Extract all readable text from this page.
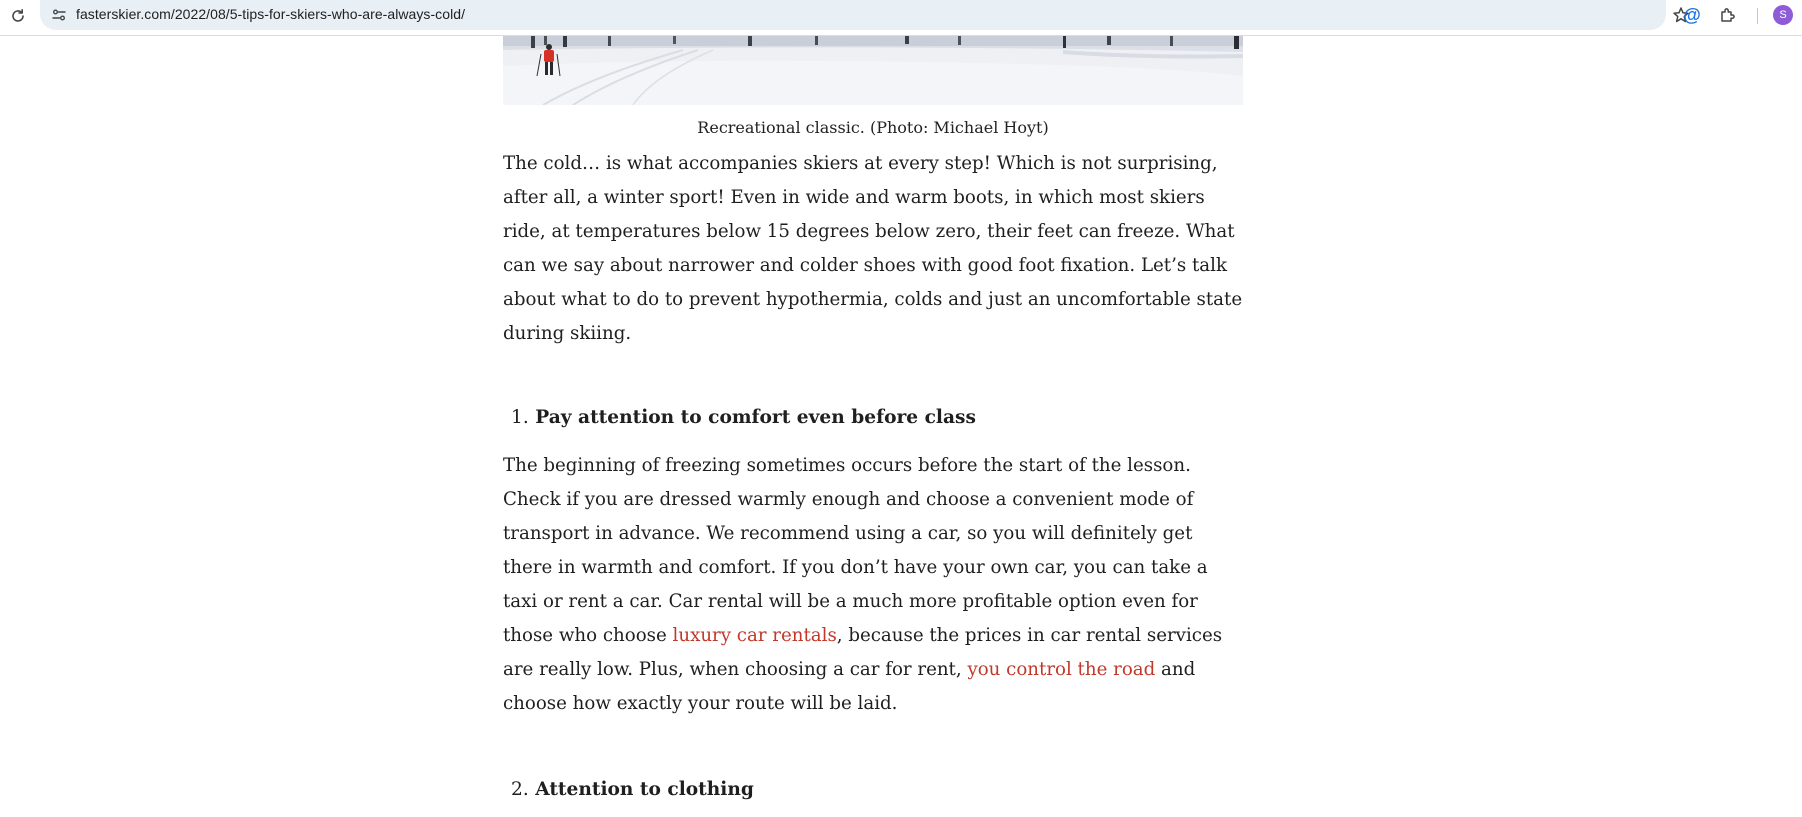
fasterskier.com/2022/08/5-tips-for-skiers-who-are-always-cold/	@	S

Recreational classic. (Photo: Michael Hoyt)

The cold… is what accompanies skiers at every step! Which is not surprising, after all, a winter sport! Even in wide and warm boots, in which most skiers ride, at temperatures below 15 degrees below zero, their feet can freeze. What can we say about narrower and colder shoes with good foot fixation. Let’s talk about what to do to prevent hypothermia, colds and just an uncomfortable state during skiing.

1. Pay attention to comfort even before class

The beginning of freezing sometimes occurs before the start of the lesson. Check if you are dressed warmly enough and choose a convenient mode of transport in advance. We recommend using a car, so you will definitely get there in warmth and comfort. If you don’t have your own car, you can take a taxi or rent a car. Car rental will be a much more profitable option even for those who choose luxury car rentals, because the prices in car rental services are really low. Plus, when choosing a car for rent, you control the road and choose how exactly your route will be laid.

2. Attention to clothing
